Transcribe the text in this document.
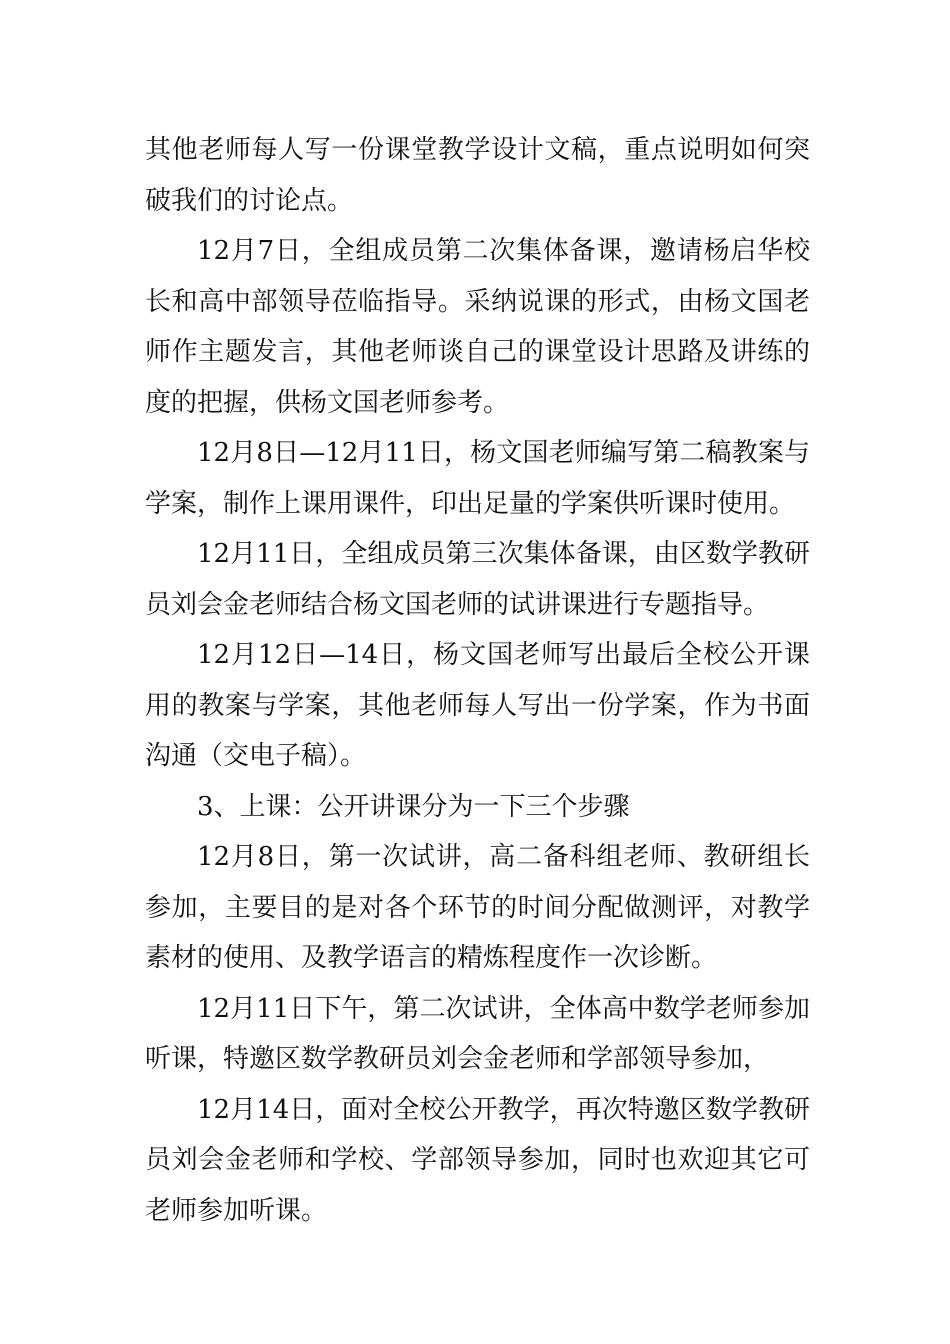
其他老师每人写一份课堂教学设计文稿，重点说明如何突破我们的讨论点。

12月7日，全组成员第二次集体备课，邀请杨启华校长和高中部领导莅临指导。采纳说课的形式，由杨文国老师作主题发言，其他老师谈自己的课堂设计思路及讲练的度的把握，供杨文国老师参考。

12月8日—12月11日，杨文国老师编写第二稿教案与学案，制作上课用课件，印出足量的学案供听课时使用。

12月11日，全组成员第三次集体备课，由区数学教研员刘会金老师结合杨文国老师的试讲课进行专题指导。

12月12日—14日，杨文国老师写出最后全校公开课用的教案与学案，其他老师每人写出一份学案，作为书面沟通（交电子稿）。

3、上课：公开讲课分为一下三个步骤

12月8日，第一次试讲，高二备科组老师、教研组长参加，主要目的是对各个环节的时间分配做测评，对教学素材的使用、及教学语言的精炼程度作一次诊断。

12月11日下午，第二次试讲，全体高中数学老师参加听课，特邀区数学教研员刘会金老师和学部领导参加，

12月14日，面对全校公开教学，再次特邀区数学教研员刘会金老师和学校、学部领导参加，同时也欢迎其它可老师参加听课。
